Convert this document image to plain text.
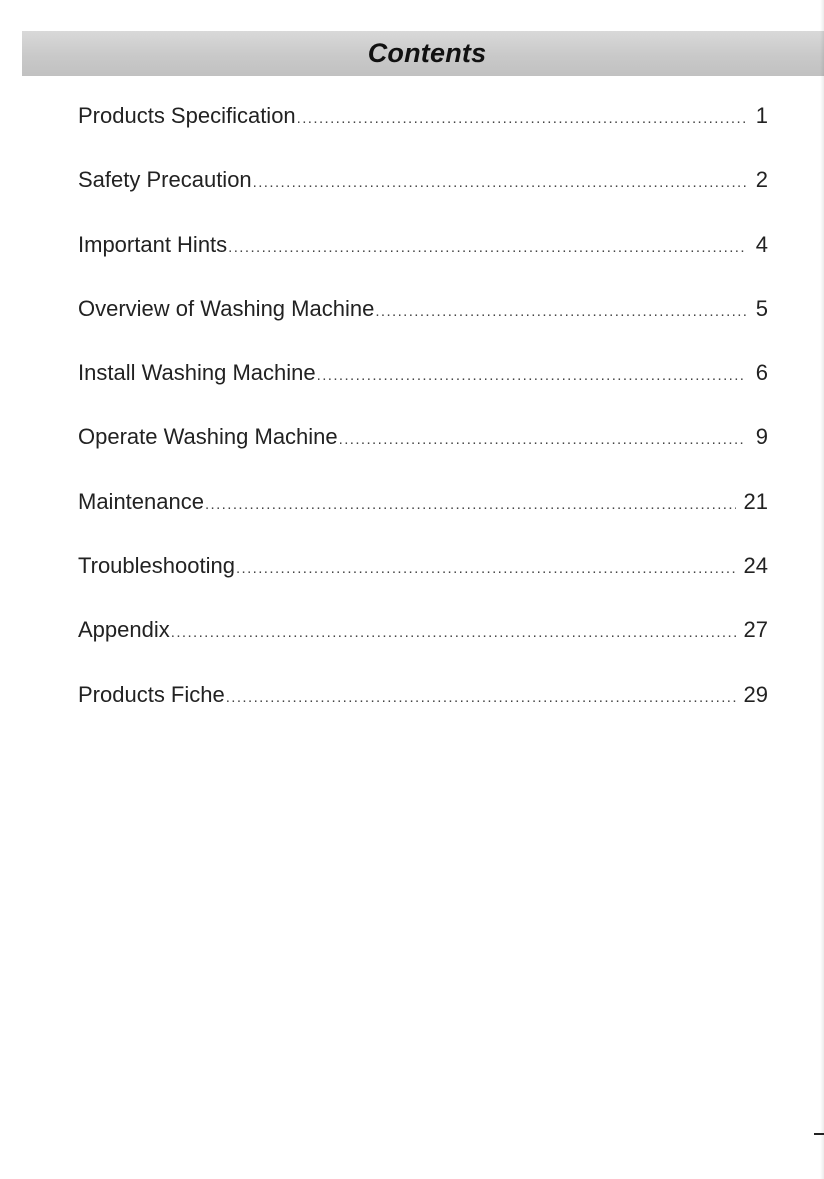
Contents
Products Specification .....	1
Safety Precaution .....	2
Important Hints .....	4
Overview of Washing Machine .....	5
Install Washing Machine .....	6
Operate Washing Machine .....	9
Maintenance .....	21
Troubleshooting .....	24
Appendix .....	27
Products Fiche .....	29
